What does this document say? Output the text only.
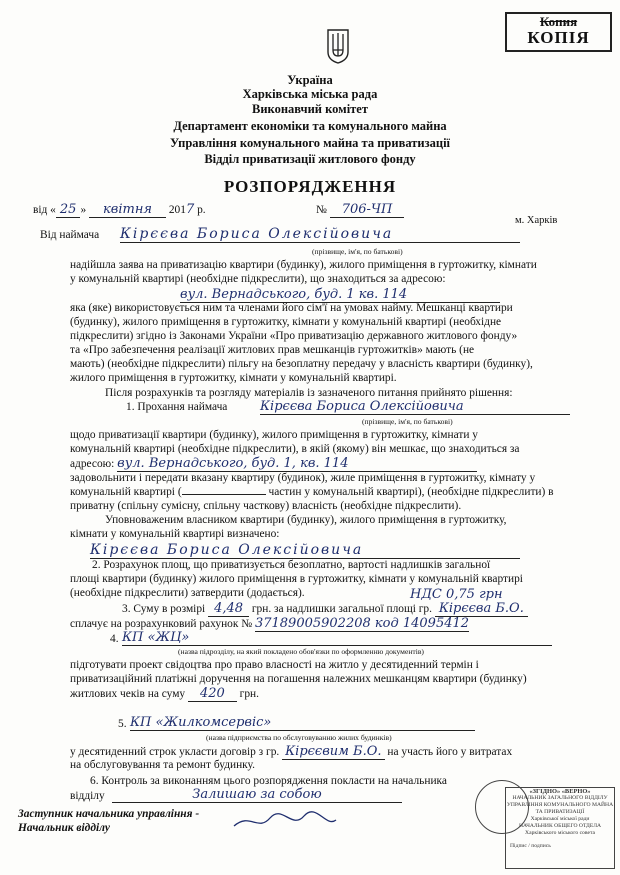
Копия
КОПІЯ
Україна
Харківська міська рада
Виконавчий комітет
Департамент економіки та комунального майна
Управління комунального майна та приватизації
Відділ приватизації житлового фонду
РОЗПОРЯДЖЕННЯ
від « 25 » квітня 2017 р.	№ 706-ЧП
м. Харків
Від наймача Кірєєва Бориса Олексійовича
(прізвище, ім'я, по батькові)
надійшла заява на приватизацію квартири (будинку), жилого приміщення в гуртожитку, кімнати
у комунальній квартирі (необхідне підкреслити), що знаходиться за адресою:
вул. Вернадського, буд. 1 кв. 114
яка (яке) використовується ним та членами його сім'ї на умовах найму. Мешканці квартири
(будинку), жилого приміщення в гуртожитку, кімнати у комунальній квартирі (необхідне
підкреслити) згідно із Законами України «Про приватизацію державного житлового фонду»
та «Про забезпечення реалізації житлових прав мешканців гуртожитків» мають (не
мають) (необхідне підкреслити) пільгу на безоплатну передачу у власність квартири (будинку),
жилого приміщення в гуртожитку, кімнати у комунальній квартирі.
Після розрахунків та розгляду матеріалів із зазначеного питання прийнято рішення:
1. Прохання наймача	Кірєєва Бориса Олексійовича
(прізвище, ім'я, по батькові)
щодо приватизації квартири (будинку), жилого приміщення в гуртожитку, кімнати у
комунальній квартирі (необхідне підкреслити), в якій (якому) він мешкає, що знаходиться за
адресою: вул. Вернадського, буд. 1, кв. 114
задовольнити і передати вказану квартиру (будинок), жиле приміщення в гуртожитку, кімнату у
комунальній квартирі (	частин у комунальній квартирі), (необхідне підкреслити) в
приватну (спільну сумісну, спільну часткову) власність (необхідне підкреслити).
Уповноваженим власником квартири (будинку), жилого приміщення в гуртожитку,
кімнати у комунальній квартирі визначено:
Кірєєва Бориса Олексійовича
2. Розрахунок площ, що приватизується безоплатно, вартості надлишків загальної
площі квартири (будинку) жилого приміщення в гуртожитку, кімнати у комунальній квартирі
(необхідне підкреслити) затвердити (додається).	НДС 0,75 грн
3. Суму в розмірі 4,48 грн. за надлишки загальної площі гр. Кірєєва Б.О.
сплачує на розрахунковий рахунок № 37189005902208 код 14095412
4. КП «ЖЦ»
(назва підрозділу, на який покладено обов'язки по оформленню документів)
підготувати проект свідоцтва про право власності на житло у десятиденний термін і
приватизаційний платіжні доручення на погашення належних мешканцям квартири (будинку)
житлових чеків на суму 420 грн.
5. КП «Жилкомсервіс»
(назва підприємства по обслуговуванню жилих будинків)
у десятиденний строк укласти договір з гр. Кірєєвим Б.О. на участь його у витратах
на обслуговування та ремонт будинку.
6. Контроль за виконанням цього розпорядження покласти на начальника
відділу	Залишаю за собою
Заступник начальника управління -
Начальник відділу
«ЗГІДНО» «ВЕРНО»
НАЧАЛЬНИК ЗАГАЛЬНОГО ВІДДІЛУ
УПРАВЛІННЯ КОМУНАЛЬНОГО МАЙНА ТА ПРИВАТИЗАЦІЇ
Харківської міської ради
НАЧАЛЬНИК ОБЩЕГО ОТДЕЛА
Харківського міського совета
Підпис / подпись
